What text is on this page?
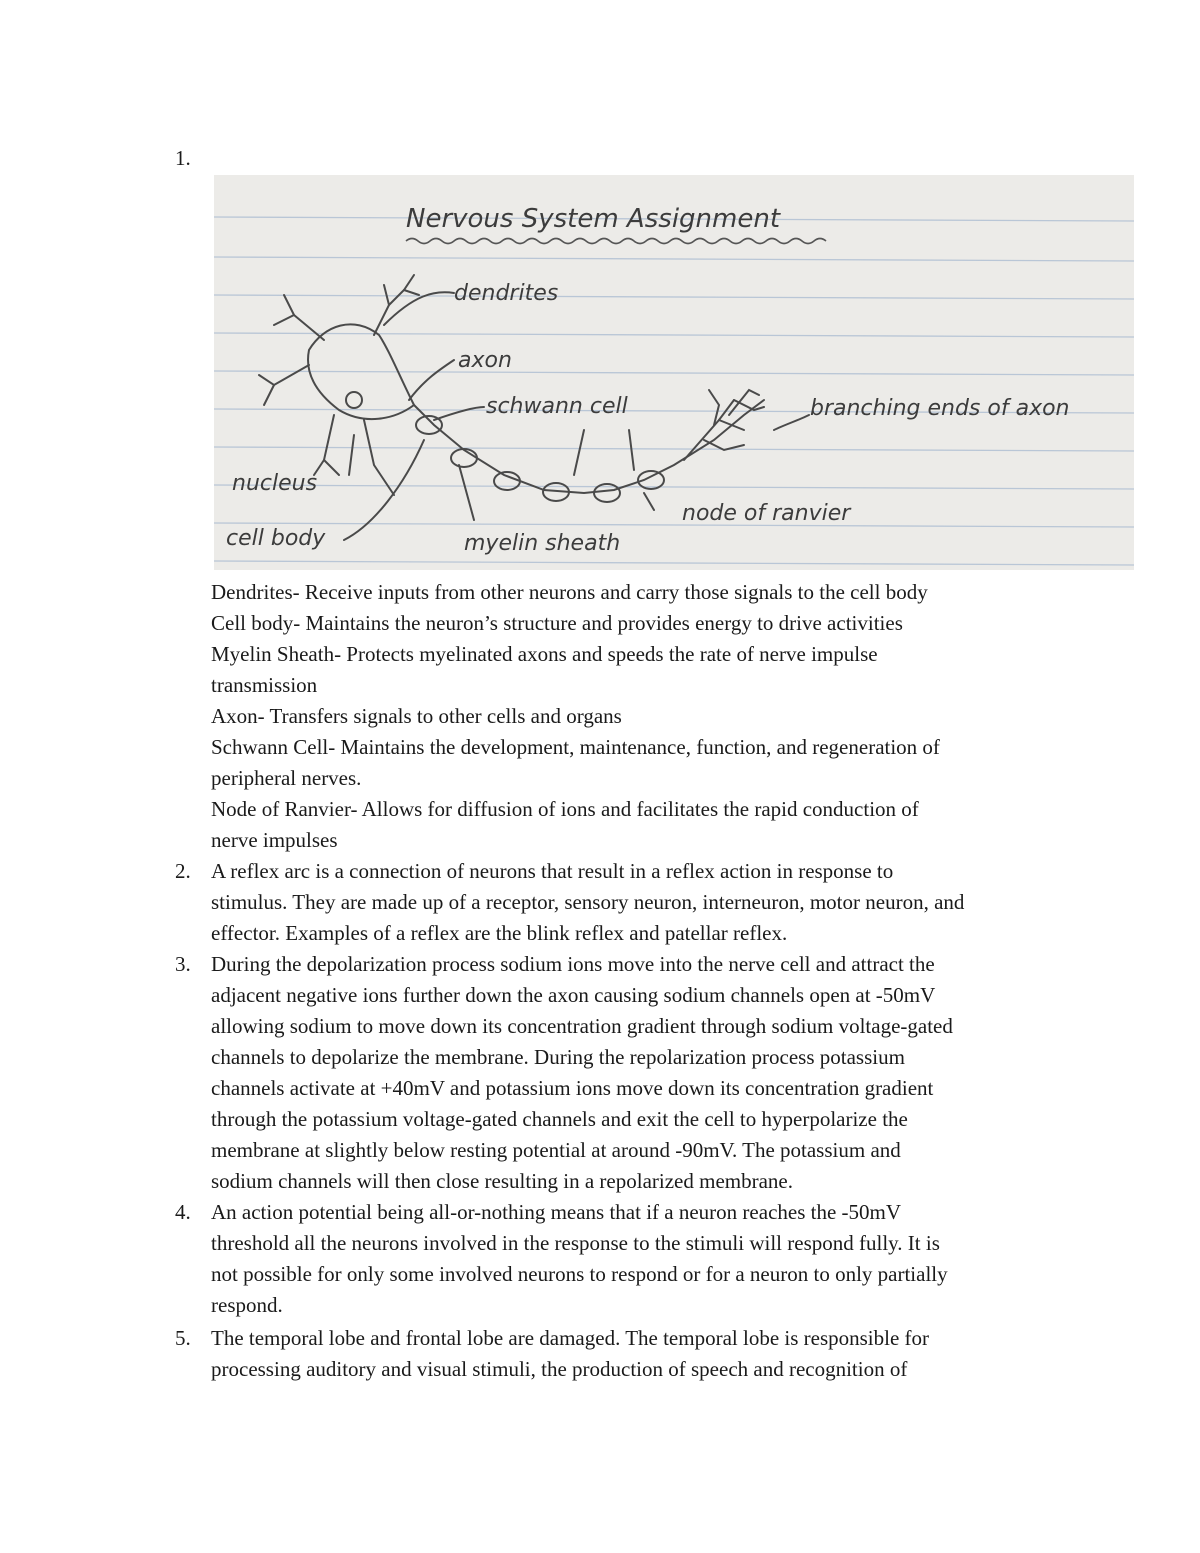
1.
Nervous System Assignment
dendrites
axon
schwann cell	branching ends of axon
nucleus
cell body
node of ranvier
myelin sheath

Dendrites- Receive inputs from other neurons and carry those signals to the cell body

Cell body- Maintains the neuron’s structure and provides energy to drive activities

Myelin Sheath- Protects myelinated axons and speeds the rate of nerve impulse

transmission

Axon- Transfers signals to other cells and organs

Schwann Cell- Maintains the development, maintenance, function, and regeneration of

peripheral nerves.

Node of Ranvier- Allows for diffusion of ions and facilitates the rapid conduction of

nerve impulses

2. A reflex arc is a connection of neurons that result in a reflex action in response to

stimulus. They are made up of a receptor, sensory neuron, interneuron, motor neuron, and

effector. Examples of a reflex are the blink reflex and patellar reflex.

3. During the depolarization process sodium ions move into the nerve cell and attract the

adjacent negative ions further down the axon causing sodium channels open at -50mV

allowing sodium to move down its concentration gradient through sodium voltage-gated

channels to depolarize the membrane. During the repolarization process potassium

channels activate at +40mV and potassium ions move down its concentration gradient

through the potassium voltage-gated channels and exit the cell to hyperpolarize the

membrane at slightly below resting potential at around -90mV. The potassium and

sodium channels will then close resulting in a repolarized membrane.

4. An action potential being all-or-nothing means that if a neuron reaches the -50mV

threshold all the neurons involved in the response to the stimuli will respond fully. It is

not possible for only some involved neurons to respond or for a neuron to only partially

respond.

5. The temporal lobe and frontal lobe are damaged. The temporal lobe is responsible for

processing auditory and visual stimuli, the production of speech and recognition of
